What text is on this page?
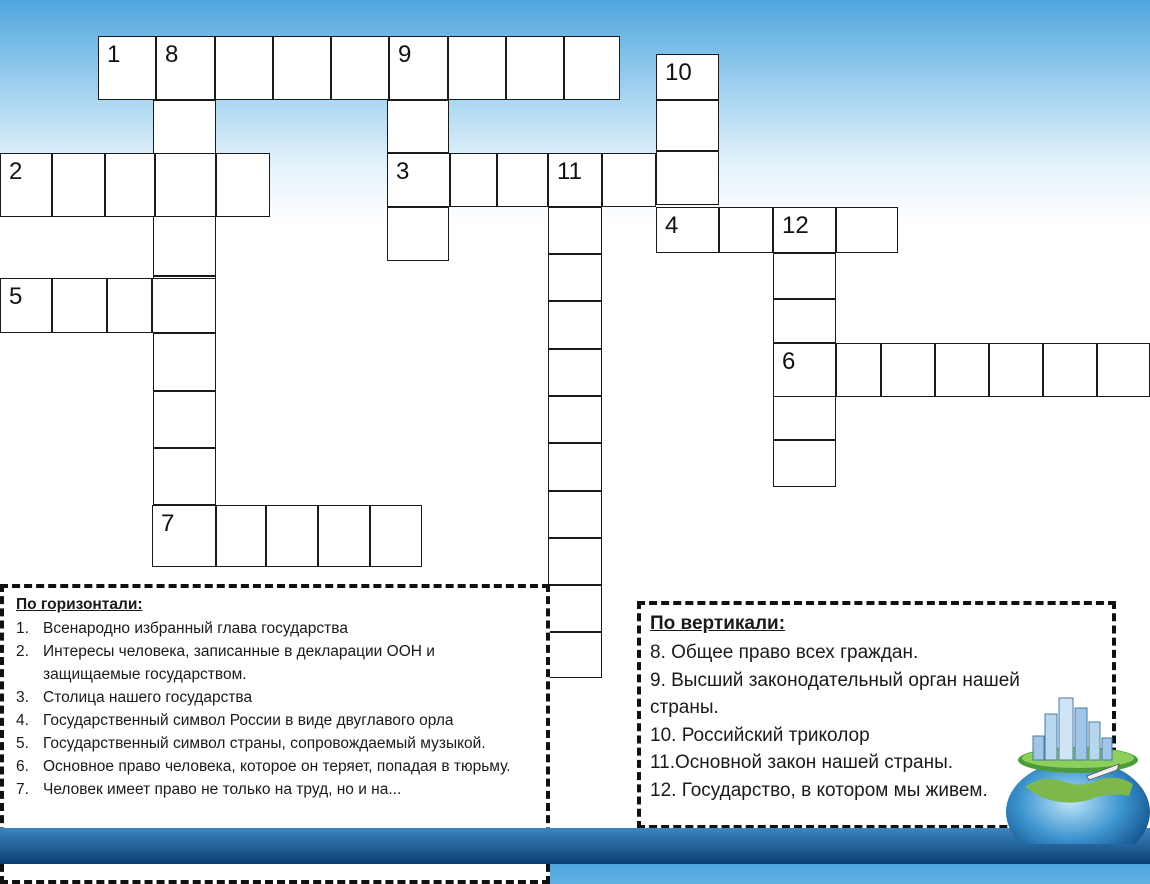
1 8	9
10
2	3	11
4	12
5
6
7
По горизонтали:
1. Всенародно избранный глава государства
2. Интересы человека, записанные в декларации ООН и защищаемые государством.
3. Столица нашего государства
4. Государственный символ России в виде двуглавого орла
5. Государственный символ страны, сопровождаемый музыкой.
6. Основное право человека, которое он теряет, попадая в тюрьму.
7. Человек имеет право не только на труд, но и на...
По вертикали:
8. Общее право всех граждан.
9. Высший законодательный орган нашей
страны.
10. Российский триколор
11.Основной закон нашей страны.
12. Государство, в котором мы живем.
